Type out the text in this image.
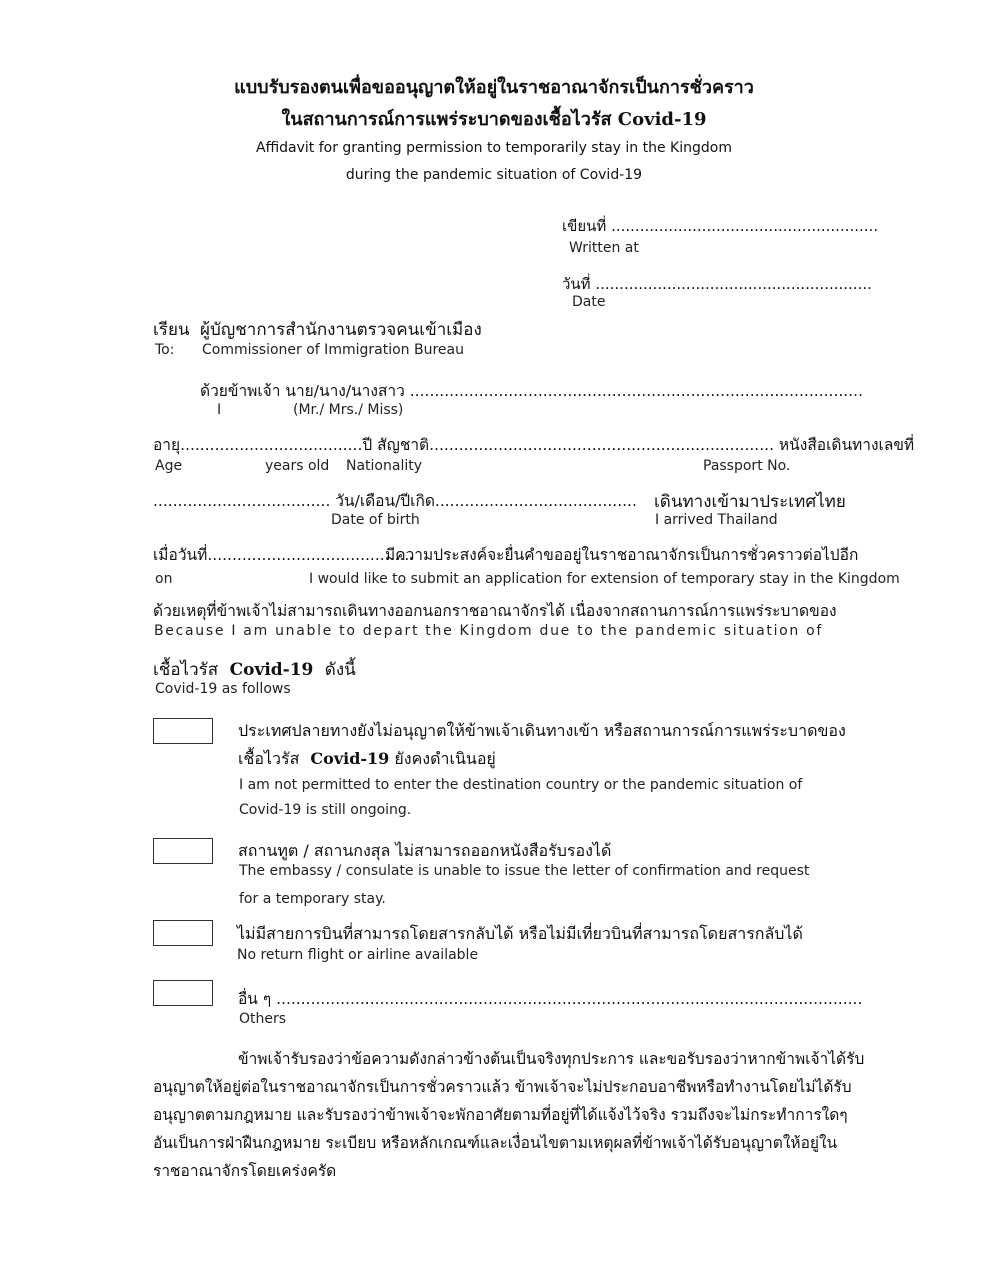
แบบรับรองตนเพื่อขออนุญาตให้อยู่ในราชอาณาจักรเป็นการชั่วคราว
ในสถานการณ์การแพร่ระบาดของเชื้อไวรัส Covid-19
Affidavit for granting permission to temporarily stay in the Kingdom
during the pandemic situation of Covid-19
เขียนที่ ........................................................
Written at
วันที่ ..........................................................
Date
เรียน ผู้บัญชาการสำนักงานตรวจคนเข้าเมือง
To: Commissioner of Immigration Bureau
ด้วยข้าพเจ้า นาย/นาง/นางสาว ............................................................................................
I	(Mr./ Mrs./ Miss)
อายุ.....................................ปี สัญชาติ...................................................................... หนังสือเดินทางเลขที่
Age	years old Nationality	Passport No.
.................................... วัน/เดือน/ปีเกิด......................................... เดินทางเข้ามาประเทศไทย
Date of birth	I arrived Thailand
เมื่อวันที่..........................................
มีความประสงค์จะยื่นคำขออยู่ในราชอาณาจักรเป็นการชั่วคราวต่อไปอีก
on	I would like to submit an application for extension of temporary stay in the Kingdom
ด้วยเหตุที่ข้าพเจ้าไม่สามารถเดินทางออกนอกราชอาณาจักรได้ เนื่องจากสถานการณ์การแพร่ระบาดของ
Because I am unable to depart the Kingdom due to the pandemic situation of
เชื้อไวรัส Covid-19 ดังนี้
Covid-19 as follows
ประเทศปลายทางยังไม่อนุญาตให้ข้าพเจ้าเดินทางเข้า หรือสถานการณ์การแพร่ระบาดของ
เชื้อไวรัส Covid-19 ยังคงดำเนินอยู่
I am not permitted to enter the destination country or the pandemic situation of
Covid-19 is still ongoing.
สถานทูต / สถานกงสุล ไม่สามารถออกหนังสือรับรองได้
The embassy / consulate is unable to issue the letter of confirmation and request
for a temporary stay.
ไม่มีสายการบินที่สามารถโดยสารกลับได้ หรือไม่มีเที่ยวบินที่สามารถโดยสารกลับได้
No return flight or airline available
อื่น ๆ .......................................................................................................................
Others
ข้าพเจ้ารับรองว่าข้อความดังกล่าวข้างต้นเป็นจริงทุกประการ และขอรับรองว่าหากข้าพเจ้าได้รับ
อนุญาตให้อยู่ต่อในราชอาณาจักรเป็นการชั่วคราวแล้ว ข้าพเจ้าจะไม่ประกอบอาชีพหรือทำงานโดยไม่ได้รับ
อนุญาตตามกฎหมาย และรับรองว่าข้าพเจ้าจะพักอาศัยตามที่อยู่ที่ได้แจ้งไว้จริง รวมถึงจะไม่กระทำการใดๆ
อันเป็นการฝ่าฝืนกฎหมาย ระเบียบ หรือหลักเกณฑ์และเงื่อนไขตามเหตุผลที่ข้าพเจ้าได้รับอนุญาตให้อยู่ใน
ราชอาณาจักรโดยเคร่งครัด
